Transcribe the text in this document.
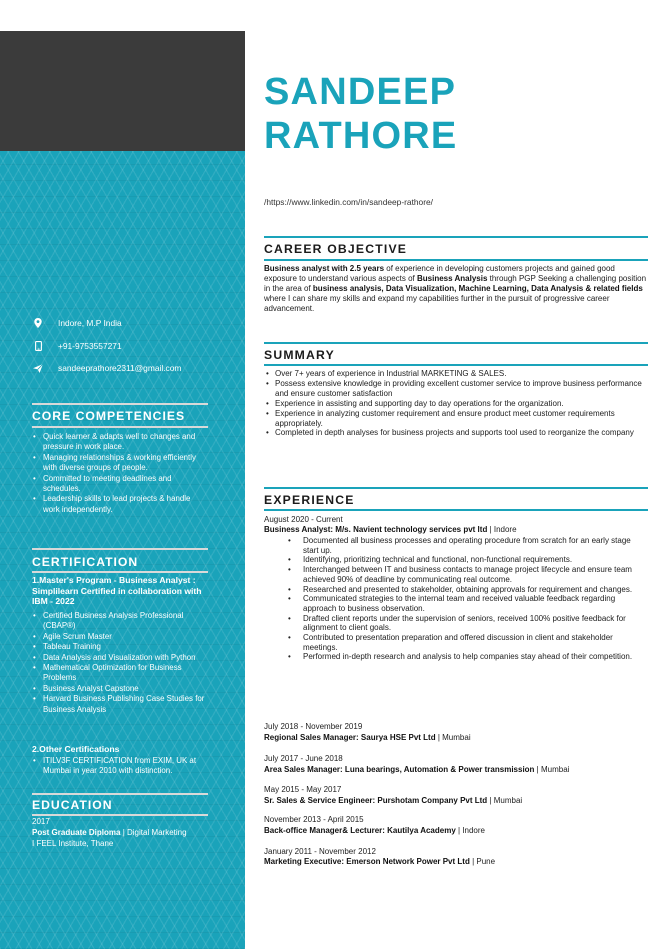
Indore, M.P India
+91-9753557271
sandeeprathore2311@gmail.com
CORE COMPETENCIES
• Quick learner & adapts well to changes and pressure in work place.
• Managing relationships & working efficiently with diverse groups of people.
• Committed to meeting deadlines and schedules.
• Leadership skills to lead projects & handle work independently.
CERTIFICATION
1.Master's Program - Business Analyst : Simplilearn Certified in collaboration with IBM - 2022
• Certified Business Analysis Professional (CBAP®)
• Agile Scrum Master
• Tableau Training
• Data Analysis and Visualization with Python
• Mathematical Optimization for Business Problems
• Business Analyst Capstone
• Harvard Business Publishing Case Studies for Business Analysis
2.Other Certifications
• ITILV3F CERTIFICATION from EXIM, UK at Mumbai in year 2010 with distinction.
EDUCATION
2017
Post Graduate Diploma | Digital Marketing
I FEEL Institute, Thane
SANDEEP
RATHORE
/https://www.linkedin.com/in/sandeep-rathore/
CAREER OBJECTIVE
Business analyst with 2.5 years of experience in developing customers projects and gained good exposure to understand various aspects of Business Analysis through PGP Seeking a challenging position in the area of business analysis, Data Visualization, Machine Learning, Data Analysis & related fields where I can share my skills and expand my capabilities further in the pursuit of progressive career advancement.
SUMMARY
• Over 7+ years of experience in Industrial MARKETING & SALES.
• Possess extensive knowledge in providing excellent customer service to improve business performance and ensure customer satisfaction
• Experience in assisting and supporting day to day operations for the organization.
• Experience in analyzing customer requirement and ensure product meet customer requirements appropriately.
• Completed in depth analyses for business projects and supports tool used to reorganize the company
EXPERIENCE
August 2020 - Current
Business Analyst: M/s. Navient technology services pvt ltd | Indore
• Documented all business processes and operating procedure from scratch for an early stage start up.
• Identifying, prioritizing technical and functional, non-functional requirements.
• Interchanged between IT and business contacts to manage project lifecycle and ensure team achieved 90% of deadline by communicating real outcome.
• Researched and presented to stakeholder, obtaining approvals for requirement and changes.
• Communicated strategies to the internal team and received valuable feedback regarding approach to business observation.
• Drafted client reports under the supervision of seniors, received 100% positive feedback for alignment to client goals.
• Contributed to presentation preparation and offered discussion in client and stakeholder meetings.
• Performed in-depth research and analysis to help companies stay ahead of their competition.
July 2018 - November 2019
Regional Sales Manager: Saurya HSE Pvt Ltd | Mumbai
July 2017 - June 2018
Area Sales Manager: Luna bearings, Automation & Power transmission | Mumbai
May 2015 - May 2017
Sr. Sales & Service Engineer: Purshotam Company Pvt Ltd | Mumbai
November 2013 - April 2015
Back-office Manager& Lecturer: Kautilya Academy | Indore
January 2011 - November 2012
Marketing Executive: Emerson Network Power Pvt Ltd | Pune
